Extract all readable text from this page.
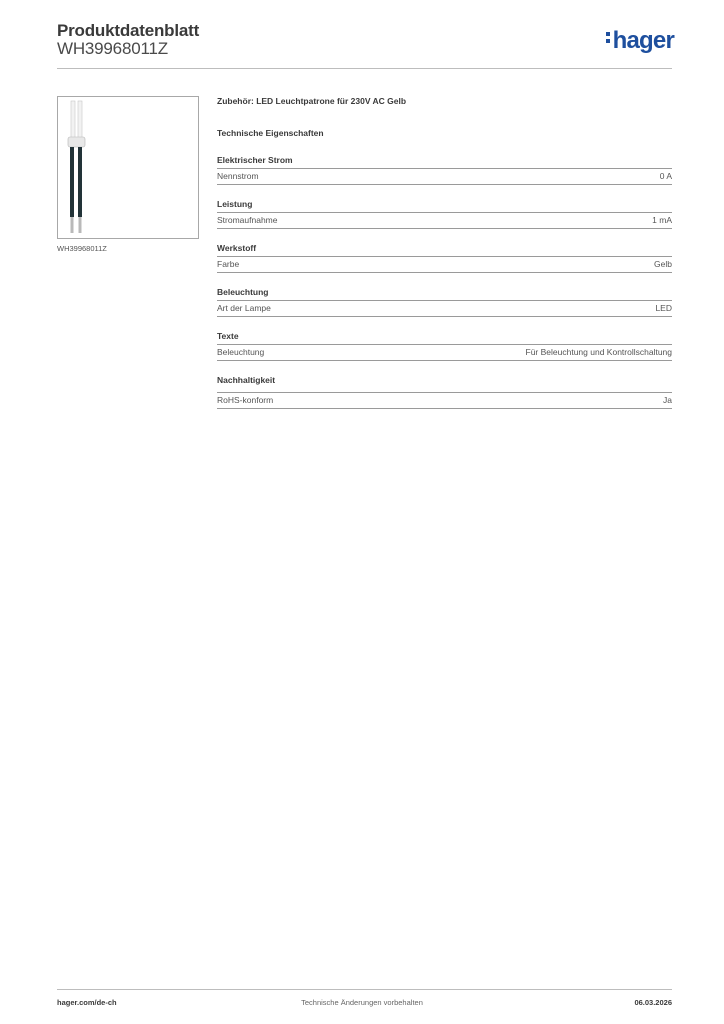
Produktdatenblatt
WH39968011Z	hager
WH39968011Z
Zubehör: LED Leuchtpatrone für 230V AC Gelb
Technische Eigenschaften
Elektrischer Strom
Nennstrom	0 A
Leistung
Stromaufnahme	1 mA
Werkstoff
Farbe	Gelb
Beleuchtung
Art der Lampe	LED
Texte
Beleuchtung	Für Beleuchtung und Kontrollschaltung
Nachhaltigkeit
RoHS-konform	Ja
hager.com/de-ch	Technische Änderungen vorbehalten	06.03.2026
